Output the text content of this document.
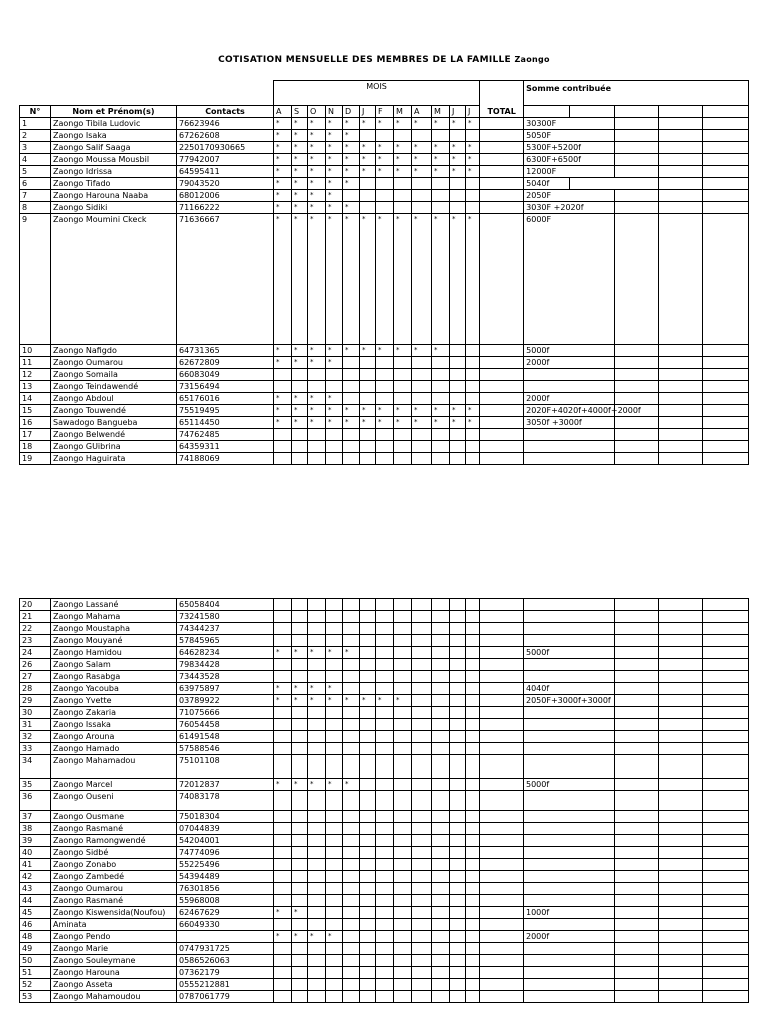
COTISATION MENSUELLE DES MEMBRES DE LA FAMILLE Zaongo
			MOIS													Somme contribuée				
N°	Nom et Prénom(s)	Contacts	A	S	O	N	D	J	F	M	A	M	J	J	TOTAL					
1	Zaongo Tibila Ludovic	76623946	*	*	*	*	*	*	*	*	*	*	*	*		30300F				
2	Zaongo Isaka	67262608	*	*	*	*	*									5050F				
3	Zaongo Salif Saaga	2250170930665	*	*	*	*	*	*	*	*	*	*	*	*		5300F+5200f				
4	Zaongo Moussa Mousbil	77942007	*	*	*	*	*	*	*	*	*	*	*	*		6300F+6500f				
5	Zaongo Idrissa	64595411	*	*	*	*	*	*	*	*	*	*	*	*		12000F				
6	Zaongo Tifado	79043520	*	*	*	*	*									5040f				
7	Zaongo Harouna Naaba	68012006	*	*	*	*										2050F				
8	Zaongo Sidiki	71166222	*	*	*	*	*									3030F +2020f				
9	Zaongo Moumini Ckeck	71636667	*	*	*	*	*	*	*	*	*	*	*	*		6000F				
10	Zaongo Nafigdo	64731365	*	*	*	*	*	*	*	*	*	*				5000f				
11	Zaongo Oumarou	62672809	*	*	*	*										2000f				
12	Zaongo Somaila	66083049																		
13	Zaongo Teindawendé	73156494																		
14	Zaongo Abdoul	65176016	*	*	*	*										2000f				
15	Zaongo Touwendé	75519495	*	*	*	*	*	*	*	*	*	*	*	*		2020F+4020f+4000f+2000f				
16	Sawadogo Bangueba	65114450	*	*	*	*	*	*	*	*	*	*	*	*		3050f +3000f				
17	Zaongo Belwendé	74762485																		
18	Zaongo GUibrina	64359311																		
19	Zaongo Haguirata	74188069																		
20	Zaongo Lassané	65058404																	
21	Zaongo Mahama	73241580																	
22	Zaongo Moustapha	74344237																	
23	Zaongo Mouyané	57845965																	
24	Zaongo Hamidou	64628234	*	*	*	*	*									5000f			
26	Zaongo Salam	79834428																	
27	Zaongo Rasabga	73443528																	
28	Zaongo Yacouba	63975897	*	*	*	*										4040f			
29	Zaongo Yvette	03789922	*	*	*	*	*	*	*	*						2050F+3000f+3000f			
30	Zaongo Zakaria	71075666																	
31	Zaongo Issaka	76054458																	
32	Zaongo Arouna	61491548																	
33	Zaongo Hamado	57588546																	
34	Zaongo Mahamadou	75101108																	
35	Zaongo Marcel	72012837	*	*	*	*	*									5000f			
36	Zaongo Ouseni	74083178																	
37	Zaongo Ousmane	75018304																	
38	Zaongo Rasmané	07044839																	
39	Zaongo Ramongwendé	54204001																	
40	Zaongo Sidbé	74774096																	
41	Zaongo Zonabo	55225496																	
42	Zaongo Zambedé	54394489																	
43	Zaongo Oumarou	76301856																	
44	Zaongo Rasmané	55968008																	
45	Zaongo Kiswensida(Noufou)	62467629	*	*												1000f			
46	Aminata	66049330																	
48	Zaongo Pendo		*	*	*	*										2000f			
49	Zaongo Marie	0747931725																	
50	Zaongo Souleymane	0586526063																	
51	Zaongo Harouna	07362179																	
52	Zaongo Asseta	0555212881																	
53	Zaongo Mahamoudou	0787061779																	
